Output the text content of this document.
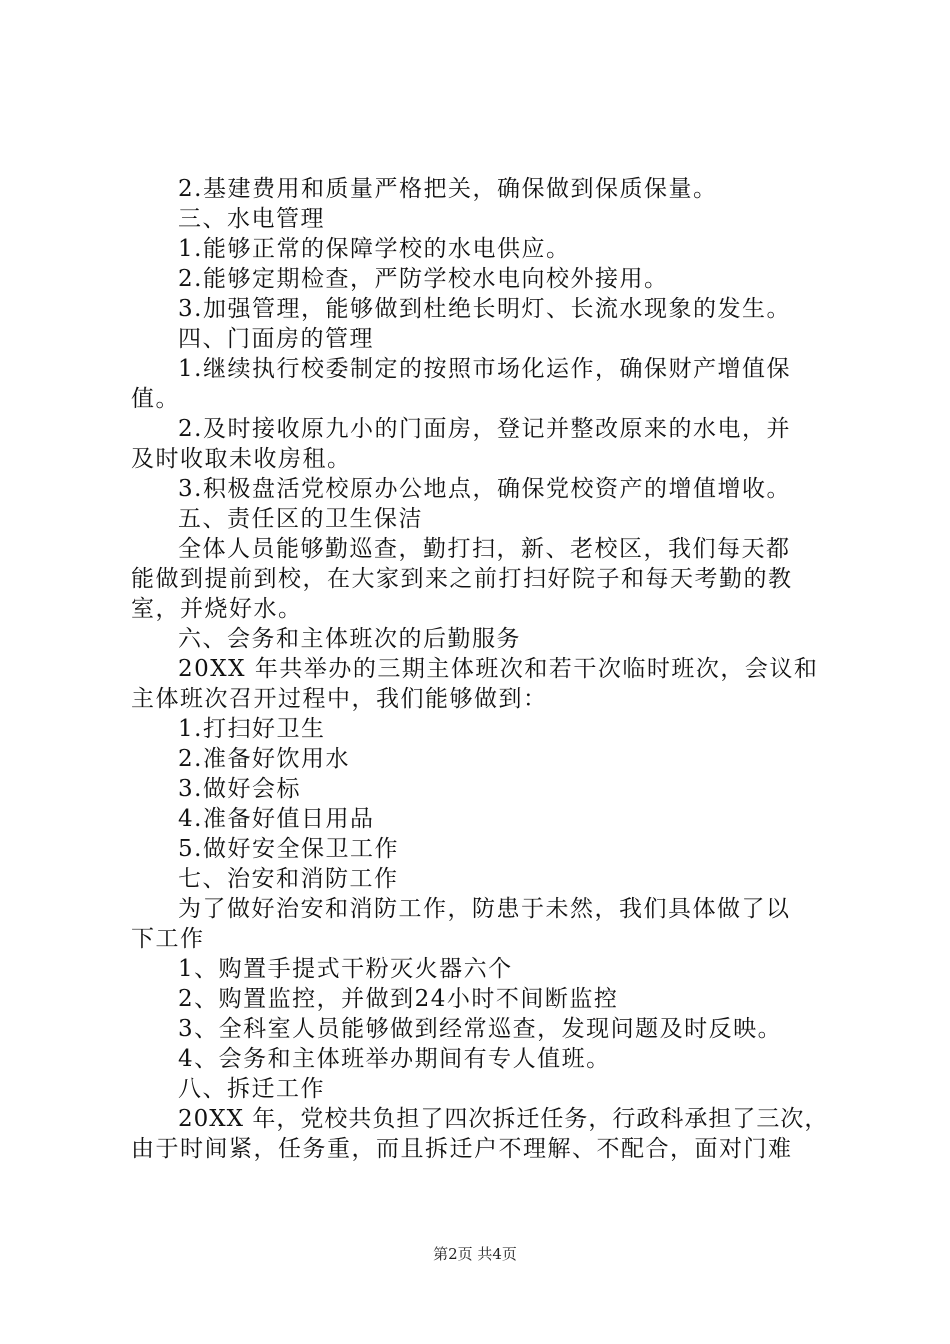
2.基建费用和质量严格把关，确保做到保质保量。
三、水电管理
1.能够正常的保障学校的水电供应。
2.能够定期检查，严防学校水电向校外接用。
3.加强管理，能够做到杜绝长明灯、长流水现象的发生。
四、门面房的管理
1.继续执行校委制定的按照市场化运作，确保财产增值保
值。
2.及时接收原九小的门面房，登记并整改原来的水电，并
及时收取未收房租。
3.积极盘活党校原办公地点，确保党校资产的增值增收。
五、责任区的卫生保洁
全体人员能够勤巡查，勤打扫，新、老校区，我们每天都
能做到提前到校，在大家到来之前打扫好院子和每天考勤的教
室，并烧好水。
六、会务和主体班次的后勤服务
20XX 年共举办的三期主体班次和若干次临时班次，会议和
主体班次召开过程中，我们能够做到：
1.打扫好卫生
2.准备好饮用水
3.做好会标
4.准备好值日用品
5.做好安全保卫工作
七、治安和消防工作
为了做好治安和消防工作，防患于未然，我们具体做了以
下工作
1、购置手提式干粉灭火器六个
2、购置监控，并做到24小时不间断监控
3、全科室人员能够做到经常巡查，发现问题及时反映。
4、会务和主体班举办期间有专人值班。
八、拆迁工作
20XX 年，党校共负担了四次拆迁任务，行政科承担了三次，
由于时间紧，任务重，而且拆迁户不理解、不配合，面对门难
第2页 共4页
